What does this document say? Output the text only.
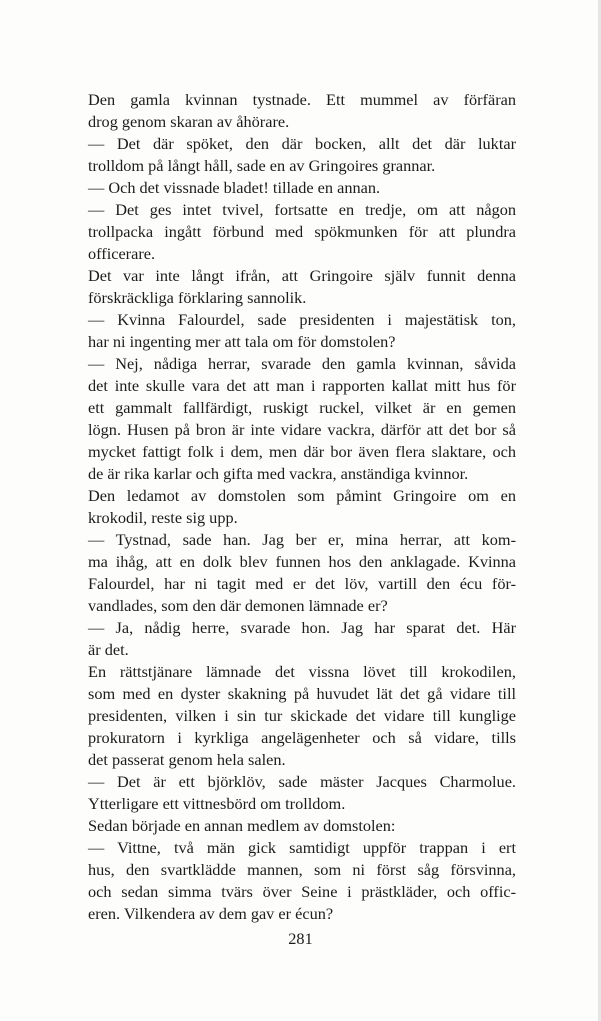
Den gamla kvinnan tystnade. Ett mummel av förfäran
drog genom skaran av åhörare.
— Det där spöket, den där bocken, allt det där luktar
trolldom på långt håll, sade en av Gringoires grannar.
— Och det vissnade bladet! tillade en annan.
— Det ges intet tvivel, fortsatte en tredje, om att någon
trollpacka ingått förbund med spökmunken för att plundra
officerare.
Det var inte långt ifrån, att Gringoire själv funnit denna
förskräckliga förklaring sannolik.
— Kvinna Falourdel, sade presidenten i majestätisk ton,
har ni ingenting mer att tala om för domstolen?
— Nej, nådiga herrar, svarade den gamla kvinnan, såvida
det inte skulle vara det att man i rapporten kallat mitt hus för
ett gammalt fallfärdigt, ruskigt ruckel, vilket är en gemen
lögn. Husen på bron är inte vidare vackra, därför att det bor så
mycket fattigt folk i dem, men där bor även flera slaktare, och
de är rika karlar och gifta med vackra, anständiga kvinnor.
Den ledamot av domstolen som påmint Gringoire om en
krokodil, reste sig upp.
— Tystnad, sade han. Jag ber er, mina herrar, att kom-
ma ihåg, att en dolk blev funnen hos den anklagade. Kvinna
Falourdel, har ni tagit med er det löv, vartill den écu för-
vandlades, som den där demonen lämnade er?
— Ja, nådig herre, svarade hon. Jag har sparat det. Här
är det.
En rättstjänare lämnade det vissna lövet till krokodilen,
som med en dyster skakning på huvudet lät det gå vidare till
presidenten, vilken i sin tur skickade det vidare till kunglige
prokuratorn i kyrkliga angelägenheter och så vidare, tills
det passerat genom hela salen.
— Det är ett björklöv, sade mäster Jacques Charmolue.
Ytterligare ett vittnesbörd om trolldom.
Sedan började en annan medlem av domstolen:
— Vittne, två män gick samtidigt uppför trappan i ert
hus, den svartklädde mannen, som ni först såg försvinna,
och sedan simma tvärs över Seine i prästkläder, och offic-
eren. Vilkendera av dem gav er écun?
281
